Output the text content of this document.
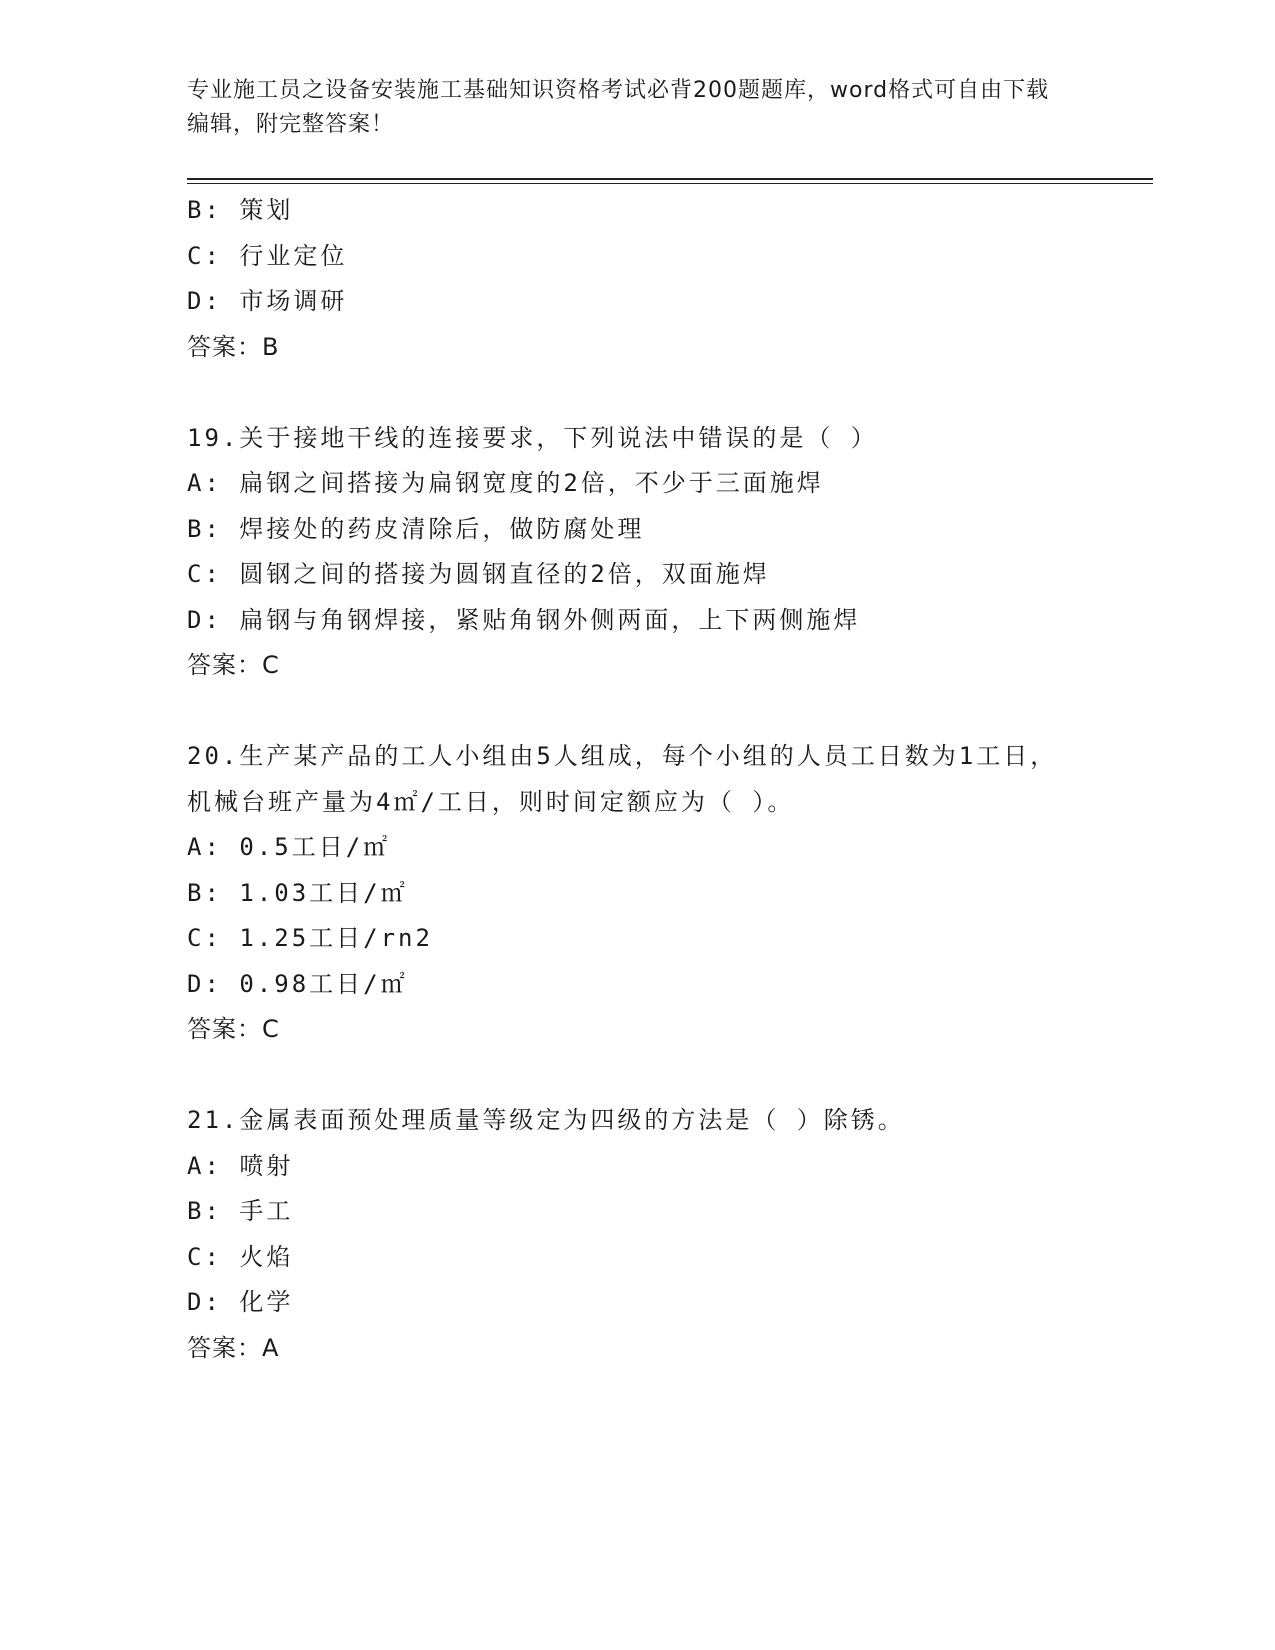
专业施工员之设备安装施工基础知识资格考试必背200题题库，word格式可自由下载编辑，附完整答案！
B: 策划
C: 行业定位
D: 市场调研
答案：B
19.关于接地干线的连接要求，下列说法中错误的是（ ）
A: 扁钢之间搭接为扁钢宽度的2倍，不少于三面施焊
B: 焊接处的药皮清除后，做防腐处理
C: 圆钢之间的搭接为圆钢直径的2倍，双面施焊
D: 扁钢与角钢焊接，紧贴角钢外侧两面，上下两侧施焊
答案：C
20.生产某产品的工人小组由5人组成，每个小组的人员工日数为1工日，机械台班产量为4㎡/工日，则时间定额应为（ ）。
A: 0.5工日/㎡
B: 1.03工日/㎡
C: 1.25工日/rn2
D: 0.98工日/㎡
答案：C
21.金属表面预处理质量等级定为四级的方法是（ ）除锈。
A: 喷射
B: 手工
C: 火焰
D: 化学
答案：A
